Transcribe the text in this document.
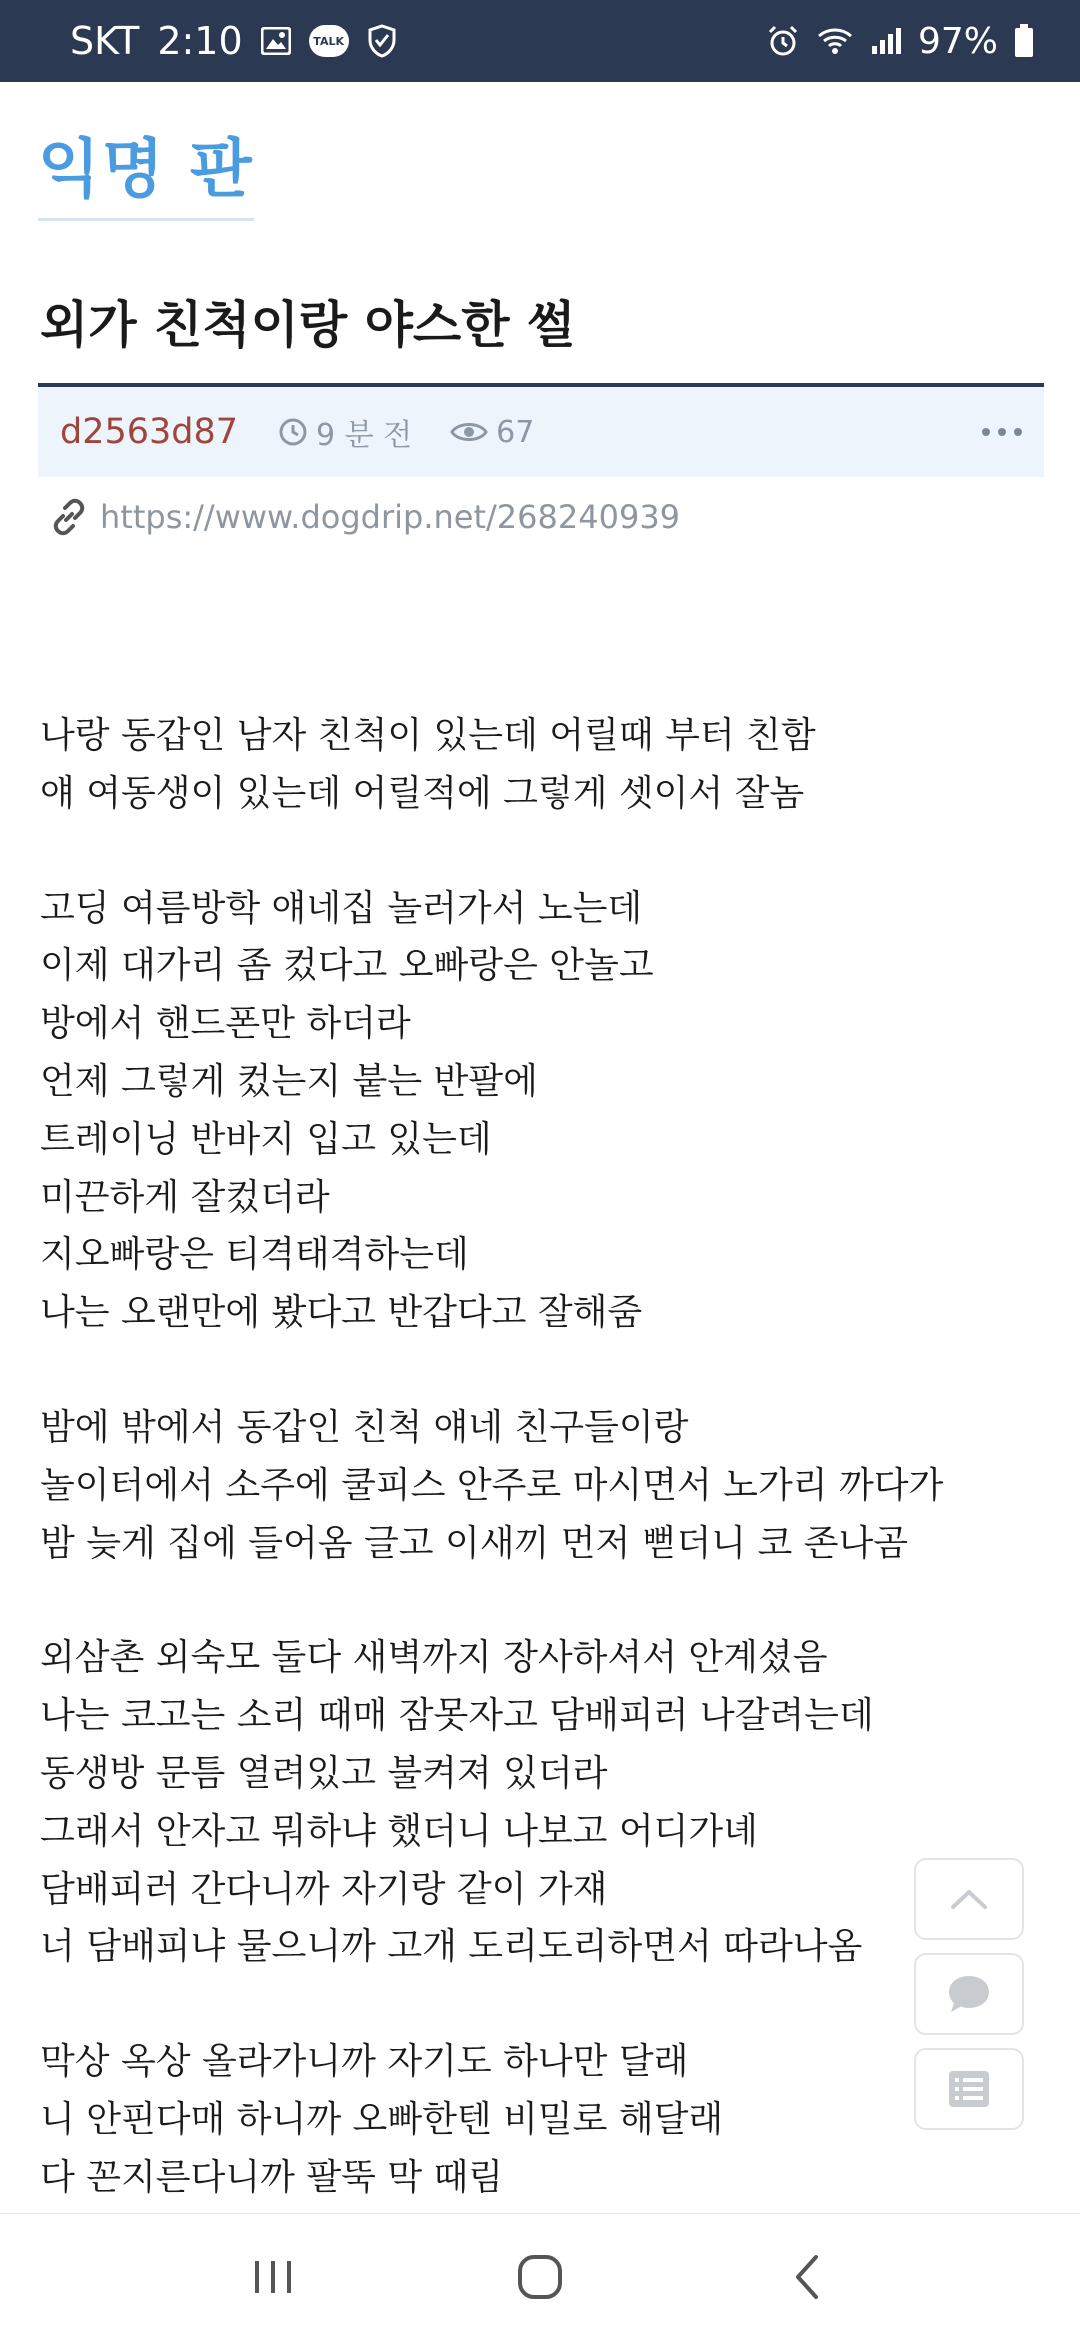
SKT 2:10	TALK	97%
익명 판
외가 친척이랑 야스한 썰
d2563d87	9 분 전	67
https://www.dogdrip.net/268240939
나랑 동갑인 남자 친척이 있는데 어릴때 부터 친함
얘 여동생이 있는데 어릴적에 그렇게 셋이서 잘놈
고딩 여름방학 얘네집 놀러가서 노는데
이제 대가리 좀 컸다고 오빠랑은 안놀고
방에서 핸드폰만 하더라
언제 그렇게 컸는지 붙는 반팔에
트레이닝 반바지 입고 있는데
미끈하게 잘컸더라
지오빠랑은 티격태격하는데
나는 오랜만에 봤다고 반갑다고 잘해줌
밤에 밖에서 동갑인 친척 얘네 친구들이랑
놀이터에서 소주에 쿨피스 안주로 마시면서 노가리 까다가
밤 늦게 집에 들어옴 글고 이새끼 먼저 뻗더니 코 존나곰
외삼촌 외숙모 둘다 새벽까지 장사하셔서 안계셨음
나는 코고는 소리 때매 잠못자고 담배피러 나갈려는데
동생방 문틈 열려있고 불켜져 있더라
그래서 안자고 뭐하냐 했더니 나보고 어디가녜
담배피러 간다니까 자기랑 같이 가쟤
너 담배피냐 물으니까 고개 도리도리하면서 따라나옴
막상 옥상 올라가니까 자기도 하나만 달래
니 안핀다매 하니까 오빠한텐 비밀로 해달래
다 꼰지른다니까 팔뚝 막 때림
